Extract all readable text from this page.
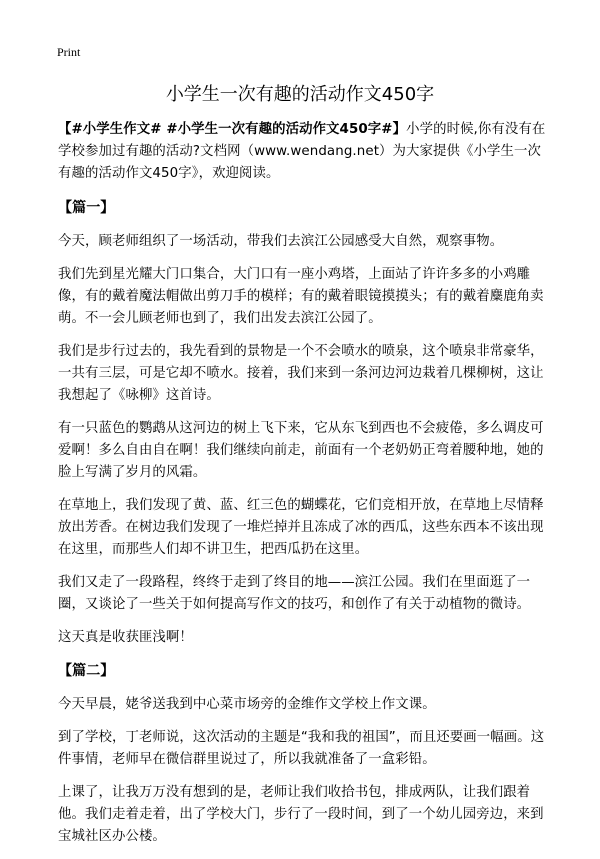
Print
小学生一次有趣的活动作文450字

【#小学生作文# #小学生一次有趣的活动作文450字#】小学的时候,你有没有在学校参加过有趣的活动?文档网（www.wendang.net）为大家提供《小学生一次有趣的活动作文450字》，欢迎阅读。

【篇一】

今天，顾老师组织了一场活动，带我们去滨江公园感受大自然，观察事物。

我们先到星光耀大门口集合，大门口有一座小鸡塔，上面站了许许多多的小鸡雕像，有的戴着魔法帽做出剪刀手的模样；有的戴着眼镜摸摸头；有的戴着麋鹿角卖萌。不一会儿顾老师也到了，我们出发去滨江公园了。

我们是步行过去的，我先看到的景物是一个不会喷水的喷泉，这个喷泉非常豪华，一共有三层，可是它却不喷水。接着，我们来到一条河边河边栽着几棵柳树，这让我想起了《咏柳》这首诗。

有一只蓝色的鹦鹉从这河边的树上飞下来，它从东飞到西也不会疲倦，多么调皮可爱啊！多么自由自在啊！我们继续向前走，前面有一个老奶奶正弯着腰种地，她的脸上写满了岁月的风霜。

在草地上，我们发现了黄、蓝、红三色的蝴蝶花，它们竞相开放，在草地上尽情释放出芳香。在树边我们发现了一堆烂掉并且冻成了冰的西瓜，这些东西本不该出现在这里，而那些人们却不讲卫生，把西瓜扔在这里。

我们又走了一段路程，终终于走到了终目的地——滨江公园。我们在里面逛了一圈，又谈论了一些关于如何提高写作文的技巧，和创作了有关于动植物的微诗。

这天真是收获匪浅啊！

【篇二】

今天早晨，姥爷送我到中心菜市场旁的金维作文学校上作文课。

到了学校，丁老师说，这次活动的主题是“我和我的祖国”，而且还要画一幅画。这件事情，老师早在微信群里说过了，所以我就准备了一盒彩铅。

上课了，让我万万没有想到的是，老师让我们收拾书包，排成两队，让我们跟着他。我们走着走着，出了学校大门，步行了一段时间，到了一个幼儿园旁边，来到宝城社区办公楼。
